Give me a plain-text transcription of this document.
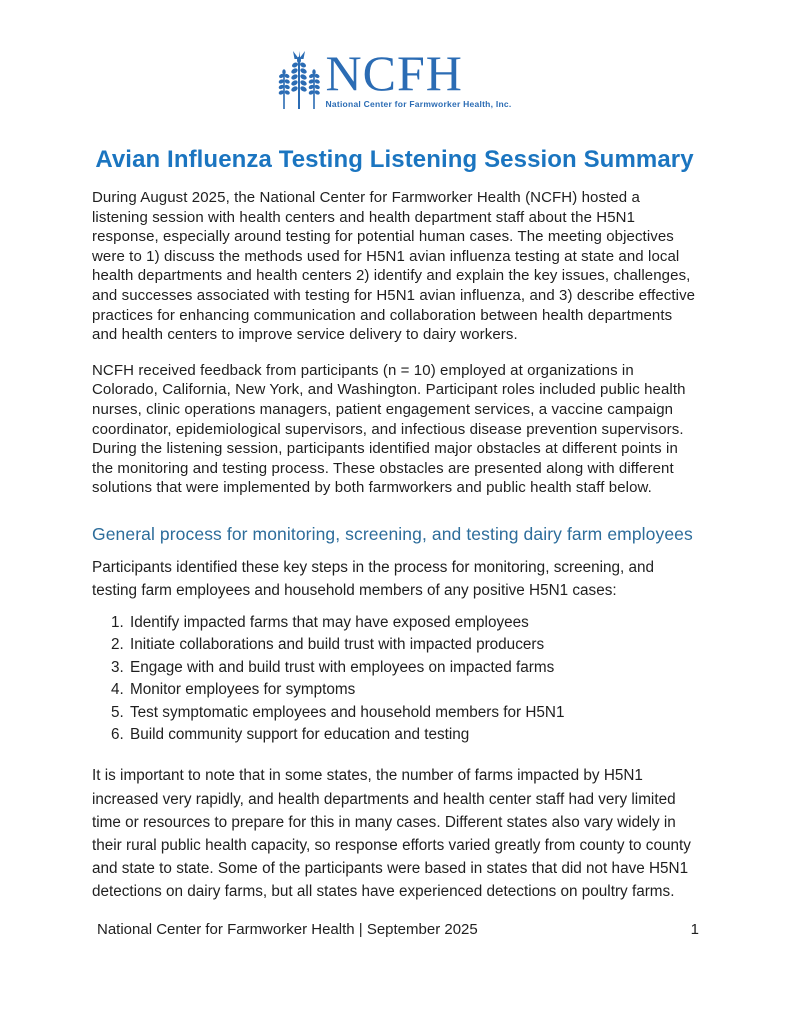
NCFH
National Center for Farmworker Health, Inc.
Avian Influenza Testing Listening Session Summary

During August 2025, the National Center for Farmworker Health (NCFH) hosted a listening session with health centers and health department staff about the H5N1 response, especially around testing for potential human cases. The meeting objectives were to 1) discuss the methods used for H5N1 avian influenza testing at state and local health departments and health centers 2) identify and explain the key issues, challenges, and successes associated with testing for H5N1 avian influenza, and 3) describe effective practices for enhancing communication and collaboration between health departments and health centers to improve service delivery to dairy workers.

NCFH received feedback from participants (n = 10) employed at organizations in Colorado, California, New York, and Washington. Participant roles included public health nurses, clinic operations managers, patient engagement services, a vaccine campaign coordinator, epidemiological supervisors, and infectious disease prevention supervisors. During the listening session, participants identified major obstacles at different points in the monitoring and testing process. These obstacles are presented along with different solutions that were implemented by both farmworkers and public health staff below.

General process for monitoring, screening, and testing dairy farm employees

Participants identified these key steps in the process for monitoring, screening, and testing farm employees and household members of any positive H5N1 cases:

1. Identify impacted farms that may have exposed employees
2. Initiate collaborations and build trust with impacted producers
3. Engage with and build trust with employees on impacted farms
4. Monitor employees for symptoms
5. Test symptomatic employees and household members for H5N1
6. Build community support for education and testing

It is important to note that in some states, the number of farms impacted by H5N1 increased very rapidly, and health departments and health center staff had very limited time or resources to prepare for this in many cases. Different states also vary widely in their rural public health capacity, so response efforts varied greatly from county to county and state to state. Some of the participants were based in states that did not have H5N1 detections on dairy farms, but all states have experienced detections on poultry farms.

National Center for Farmworker Health | September 2025	1
